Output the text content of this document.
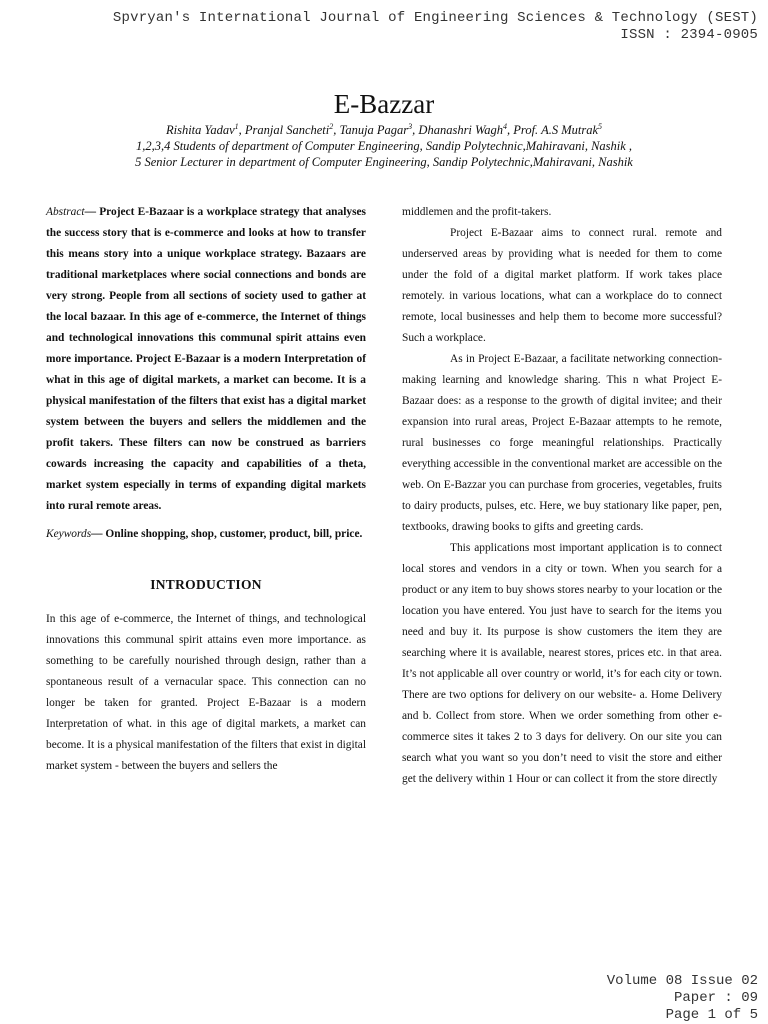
Spvryan's International Journal of Engineering Sciences & Technology (SEST)
ISSN : 2394-0905
E-Bazzar
Rishita Yadav$^1$, Pranjal Sancheti$^2$, Tanuja Pagar$^3$, Dhanashri Wagh$^4$, Prof. A.S Mutrak$^5$
1,2,3,4 Students of department of Computer Engineering, Sandip Polytechnic,Mahiravani, Nashik ,
5 Senior Lecturer in department of Computer Engineering, Sandip Polytechnic,Mahiravani, Nashik

Abstract— Project E-Bazaar is a workplace strategy that analyses the success story that is e-commerce and looks at how to transfer this means story into a unique workplace strategy. Bazaars are traditional marketplaces where social connections and bonds are very strong. People from all sections of society used to gather at the local bazaar. In this age of e-commerce, the Internet of things and technological innovations this communal spirit attains even more importance. Project E-Bazaar is a modern Interpretation of what in this age of digital markets, a market can become. It is a physical manifestation of the filters that exist has a digital market system between the buyers and sellers the middlemen and the profit takers. These filters can now be construed as barriers cowards increasing the capacity and capabilities of a theta, market system especially in terms of expanding digital markets into rural remote areas.

Keywords— Online shopping, shop, customer, product, bill, price.

INTRODUCTION

In this age of e-commerce, the Internet of things, and technological innovations this communal spirit attains even more importance. as something to be carefully nourished through design, rather than a spontaneous result of a vernacular space. This connection can no longer be taken for granted. Project E-Bazaar is a modern Interpretation of what. in this age of digital markets, a market can become. It is a physical manifestation of the filters that exist in digital market system - between the buyers and sellers the

middlemen and the profit-takers.

Project E-Bazaar aims to connect rural. remote and underserved areas by providing what is needed for them to come under the fold of a digital market platform. If work takes place remotely. in various locations, what can a workplace do to connect remote, local businesses and help them to become more successful? Such a workplace.

As in Project E-Bazaar, a facilitate networking connection-making learning and knowledge sharing. This n what Project E-Bazaar does: as a response to the growth of digital invitee; and their expansion into rural areas, Project E-Bazaar attempts to he remote, rural businesses co forge meaningful relationships. Practically everything accessible in the conventional market are accessible on the web. On E-Bazzar you can purchase from groceries, vegetables, fruits to dairy products, pulses, etc. Here, we buy stationary like paper, pen, textbooks, drawing books to gifts and greeting cards.

This applications most important application is to connect local stores and vendors in a city or town. When you search for a product or any item to buy shows stores nearby to your location or the location you have entered. You just have to search for the items you need and buy it. Its purpose is show customers the item they are searching where it is available, nearest stores, prices etc. in that area. It’s not applicable all over country or world, it’s for each city or town. There are two options for delivery on our website- a. Home Delivery and b. Collect from store. When we order something from other e-commerce sites it takes 2 to 3 days for delivery. On our site you can search what you want so you don’t need to visit the store and either get the delivery within 1 Hour or can collect it from the store directly

Volume 08 Issue 02
Paper : 09
Page 1 of 5
